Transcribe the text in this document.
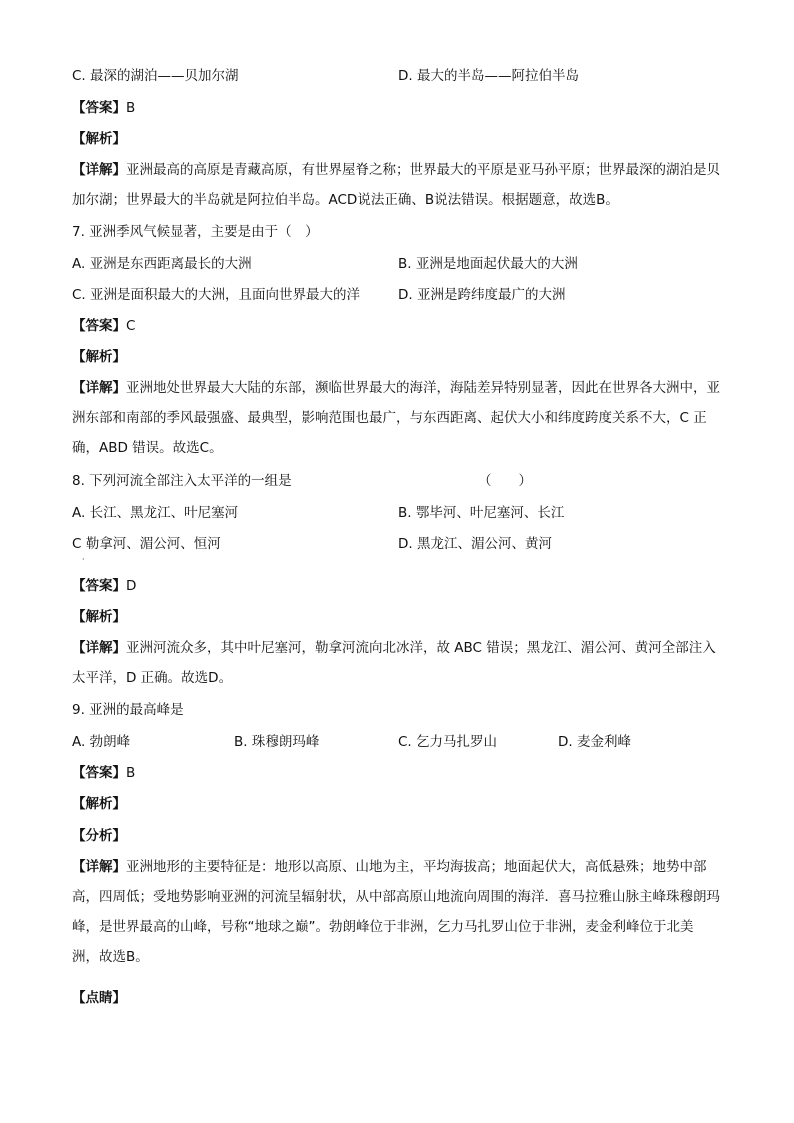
C. 最深的湖泊——贝加尔湖	D. 最大的半岛——阿拉伯半岛
【答案】B
【解析】
【详解】亚洲最高的高原是青藏高原，有世界屋脊之称；世界最大的平原是亚马孙平原；世界最深的湖泊是贝加尔湖；世界最大的半岛就是阿拉伯半岛。ACD说法正确、B说法错误。根据题意，故选B。
7. 亚洲季风气候显著，主要是由于（　）
A. 亚洲是东西距离最长的大洲	B. 亚洲是地面起伏最大的大洲
C. 亚洲是面积最大的大洲，且面向世界最大的洋	D. 亚洲是跨纬度最广的大洲
【答案】C
【解析】
【详解】亚洲地处世界最大大陆的东部，濒临世界最大的海洋，海陆差异特别显著，因此在世界各大洲中，亚洲东部和南部的季风最强盛、最典型，影响范围也最广，与东西距离、起伏大小和纬度跨度关系不大，C 正确，ABD 错误。故选C。
8. 下列河流全部注入太平洋的一组是	（　　）
A. 长江、黑龙江、叶尼塞河	B. 鄂毕河、叶尼塞河、长江
C 勒拿河、湄公河、恒河	D. 黑龙江、湄公河、黄河
·
【答案】D
【解析】
【详解】亚洲河流众多，其中叶尼塞河，勒拿河流向北冰洋，故 ABC 错误；黑龙江、湄公河、黄河全部注入太平洋，D 正确。故选D。
9. 亚洲的最高峰是
A. 勃朗峰	B. 珠穆朗玛峰	C. 乞力马扎罗山	D. 麦金利峰
【答案】B
【解析】
【分析】
【详解】亚洲地形的主要特征是：地形以高原、山地为主，平均海拔高；地面起伏大，高低悬殊；地势中部高，四周低；受地势影响亚洲的河流呈辐射状，从中部高原山地流向周围的海洋．喜马拉雅山脉主峰珠穆朗玛峰，是世界最高的山峰，号称“地球之巅”。勃朗峰位于非洲，乞力马扎罗山位于非洲，麦金利峰位于北美洲，故选B。
【点睛】
